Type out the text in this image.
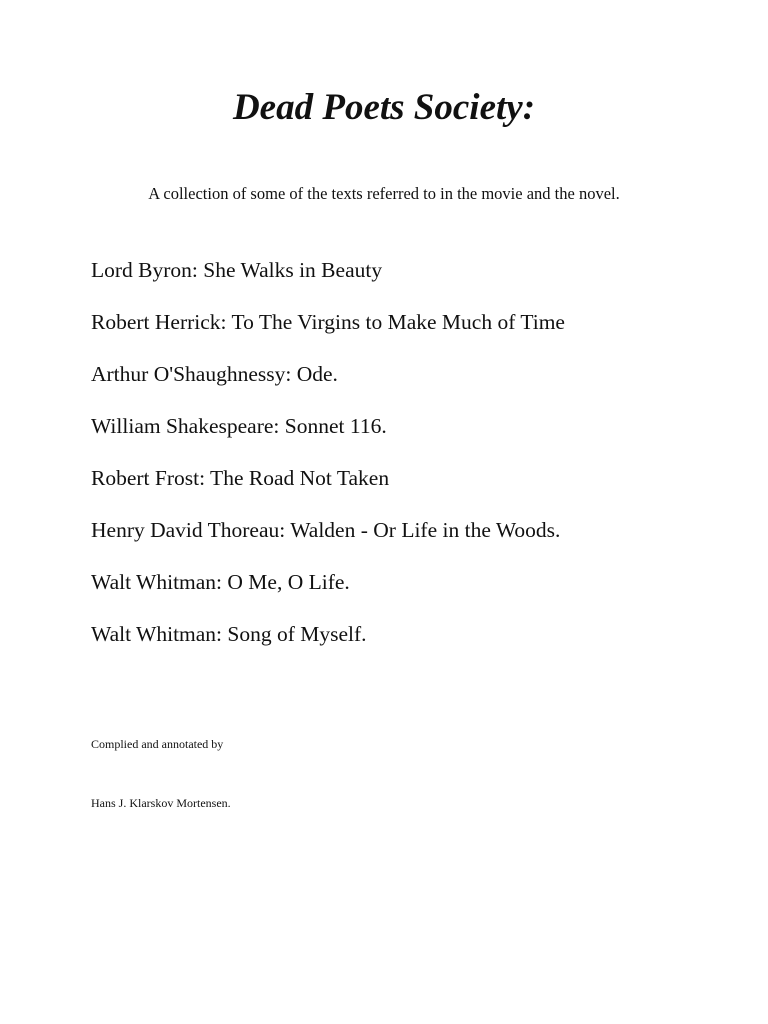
Dead Poets Society:

A collection of some of the texts referred to in the movie and the novel.

Lord Byron: She Walks in Beauty
Robert Herrick: To The Virgins to Make Much of Time
Arthur O'Shaughnessy: Ode.
William Shakespeare: Sonnet 116.
Robert Frost: The Road Not Taken
Henry David Thoreau: Walden - Or Life in the Woods.
Walt Whitman: O Me, O Life.
Walt Whitman: Song of Myself.

Complied and annotated by

Hans J. Klarskov Mortensen.
